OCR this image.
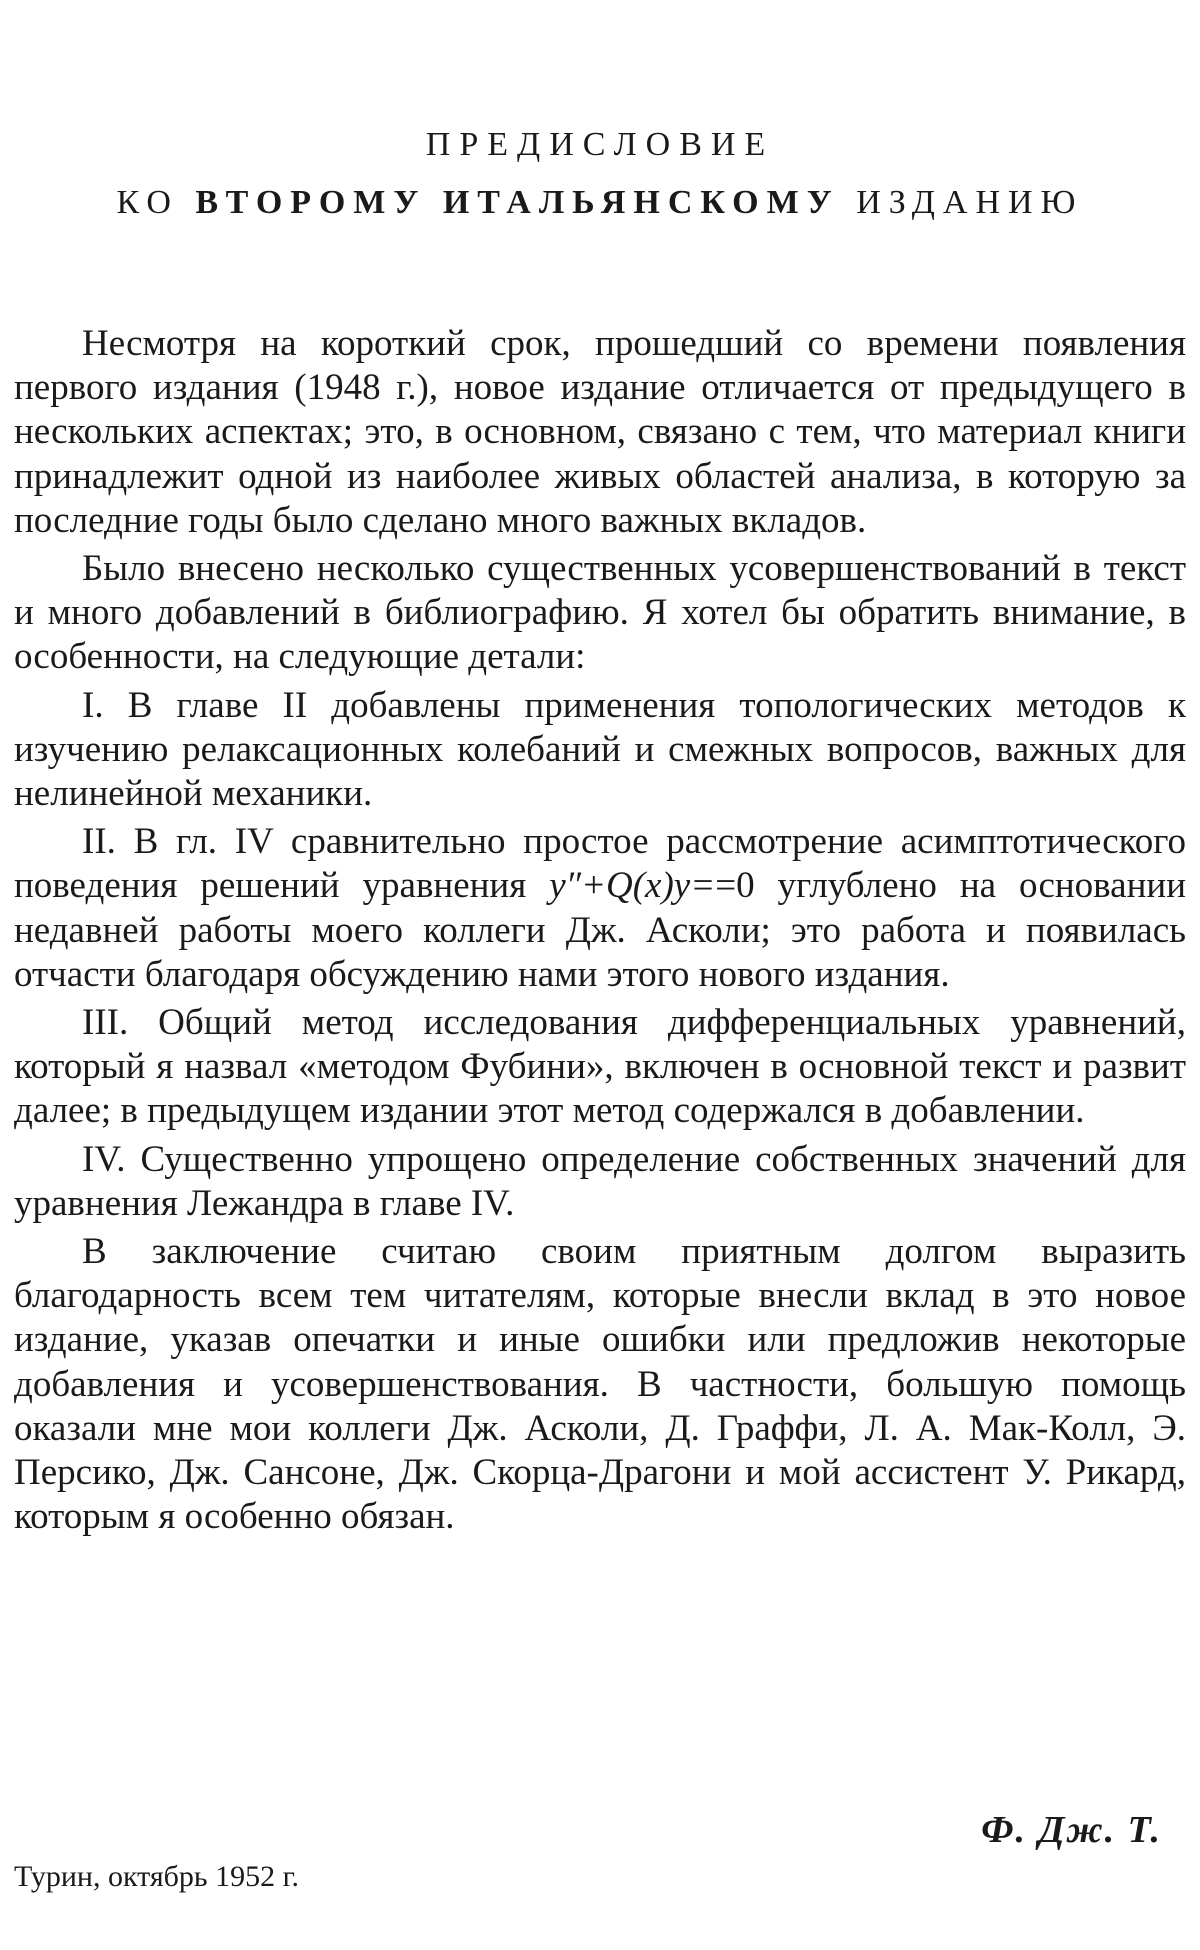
ПРЕДИСЛОВИЕ
КО ВТОРОМУ ИТАЛЬЯНСКОМУ ИЗДАНИЮ

Несмотря на короткий срок, прошедший со времени появления первого издания (1948 г.), новое издание отличается от предыдущего в нескольких аспектах; это, в основном, связано с тем, что материал книги принадлежит одной из наиболее живых областей анализа, в которую за последние годы было сделано много важных вкладов.

Было внесено несколько существенных усовершенствований в текст и много добавлений в библиографию. Я хотел бы обратить внимание, в особенности, на следующие детали:

I. В главе II добавлены применения топологических методов к изучению релаксационных колебаний и смежных вопросов, важных для нелинейной механики.

II. В гл. IV сравнительно простое рассмотрение асимптотического поведения решений уравнения y″+Q(x)y==0 углублено на основании недавней работы моего коллеги Дж. Асколи; это работа и появилась отчасти благодаря обсуждению нами этого нового издания.

III. Общий метод исследования дифференциальных уравнений, который я назвал «методом Фубини», включен в основной текст и развит далее; в предыдущем издании этот метод содержался в добавлении.

IV. Существенно упрощено определение собственных значений для уравнения Лежандра в главе IV.

В заключение считаю своим приятным долгом выразить благодарность всем тем читателям, которые внесли вклад в это новое издание, указав опечатки и иные ошибки или предложив некоторые добавления и усовершенствования. В частности, большую помощь оказали мне мои коллеги Дж. Асколи, Д. Граффи, Л. А. Мак-Колл, Э. Персико, Дж. Сансоне, Дж. Скорца-Драгони и мой ассистент У. Рикард, которым я особенно обязан.

Ф. Дж. Т.
Турин, октябрь 1952 г.
